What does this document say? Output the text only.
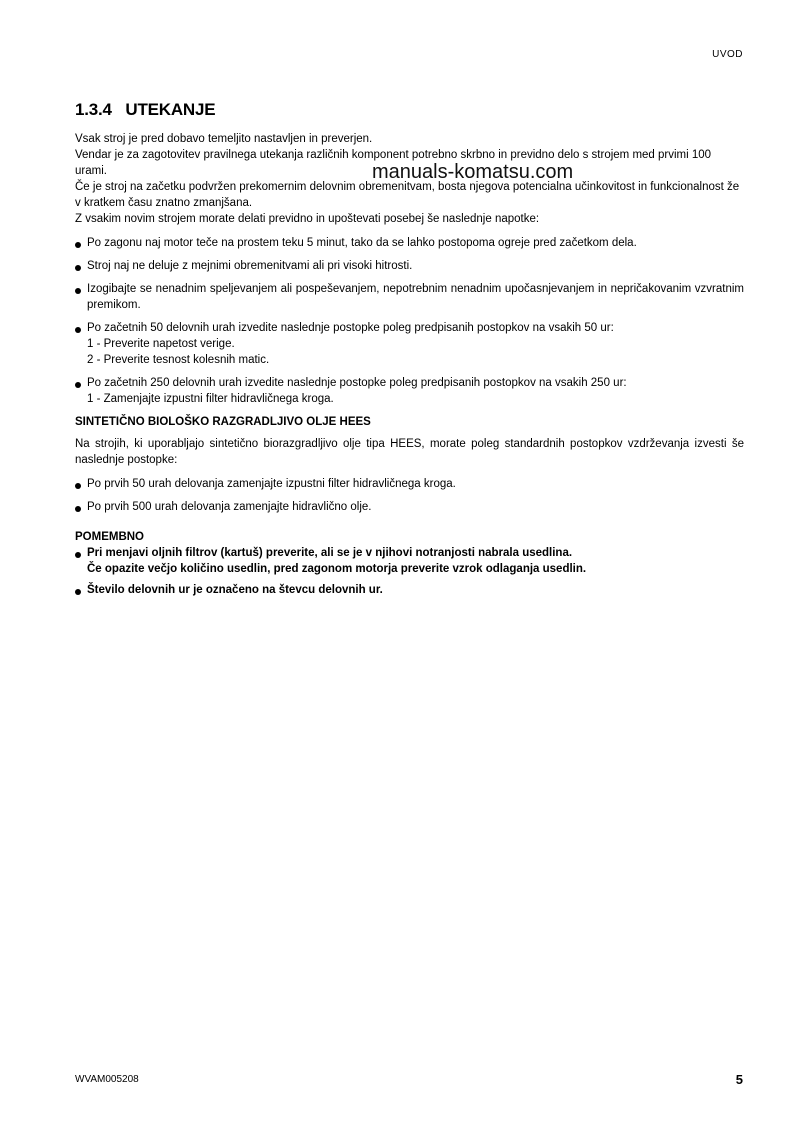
UVOD
1.3.4   UTEKANJE

Vsak stroj je pred dobavo temeljito nastavljen in preverjen.

Vendar je za zagotovitev pravilnega utekanja različnih komponent potrebno skrbno in previdno delo s strojem med prvimi 100 urami.

Če je stroj na začetku podvržen prekomernim delovnim obremenitvam, bosta njegova potencialna učinkovitost in funkcionalnost že v kratkem času znatno zmanjšana.

Z vsakim novim strojem morate delati previdno in upoštevati posebej še naslednje napotke:

Po zagonu naj motor teče na prostem teku 5 minut, tako da se lahko postopoma ogreje pred začetkom dela.
Stroj naj ne deluje z mejnimi obremenitvami ali pri visoki hitrosti.
Izogibajte se nenadnim speljevanjem ali pospeševanjem, nepotrebnim nenadnim upočasnjevanjem in nepričakovanim vzvratnim premikom.
Po začetnih 50 delovnih urah izvedite naslednje postopke poleg predpisanih postopkov na vsakih 50 ur:
1 - Preverite napetost verige.
2 - Preverite tesnost kolesnih matic.
Po začetnih 250 delovnih urah izvedite naslednje postopke poleg predpisanih postopkov na vsakih 250 ur:
1 - Zamenjajte izpustni filter hidravličnega kroga.
SINTETIČNO BIOLOŠKO RAZGRADLJIVO OLJE HEES

Na strojih, ki uporabljajo sintetično biorazgradljivo olje tipa HEES, morate poleg standardnih postopkov vzdrževanja izvesti še naslednje postopke:

Po prvih 50 urah delovanja zamenjajte izpustni filter hidravličnega kroga.
Po prvih 500 urah delovanja zamenjajte hidravlično olje.
POMEMBNO
Pri menjavi oljnih filtrov (kartuš) preverite, ali se je v njihovi notranjosti nabrala usedlina.
Če opazite večjo količino usedlin, pred zagonom motorja preverite vzrok odlaganja usedlin.
Število delovnih ur je označeno na števcu delovnih ur.
manuals-komatsu.com
WVAM005208	5
